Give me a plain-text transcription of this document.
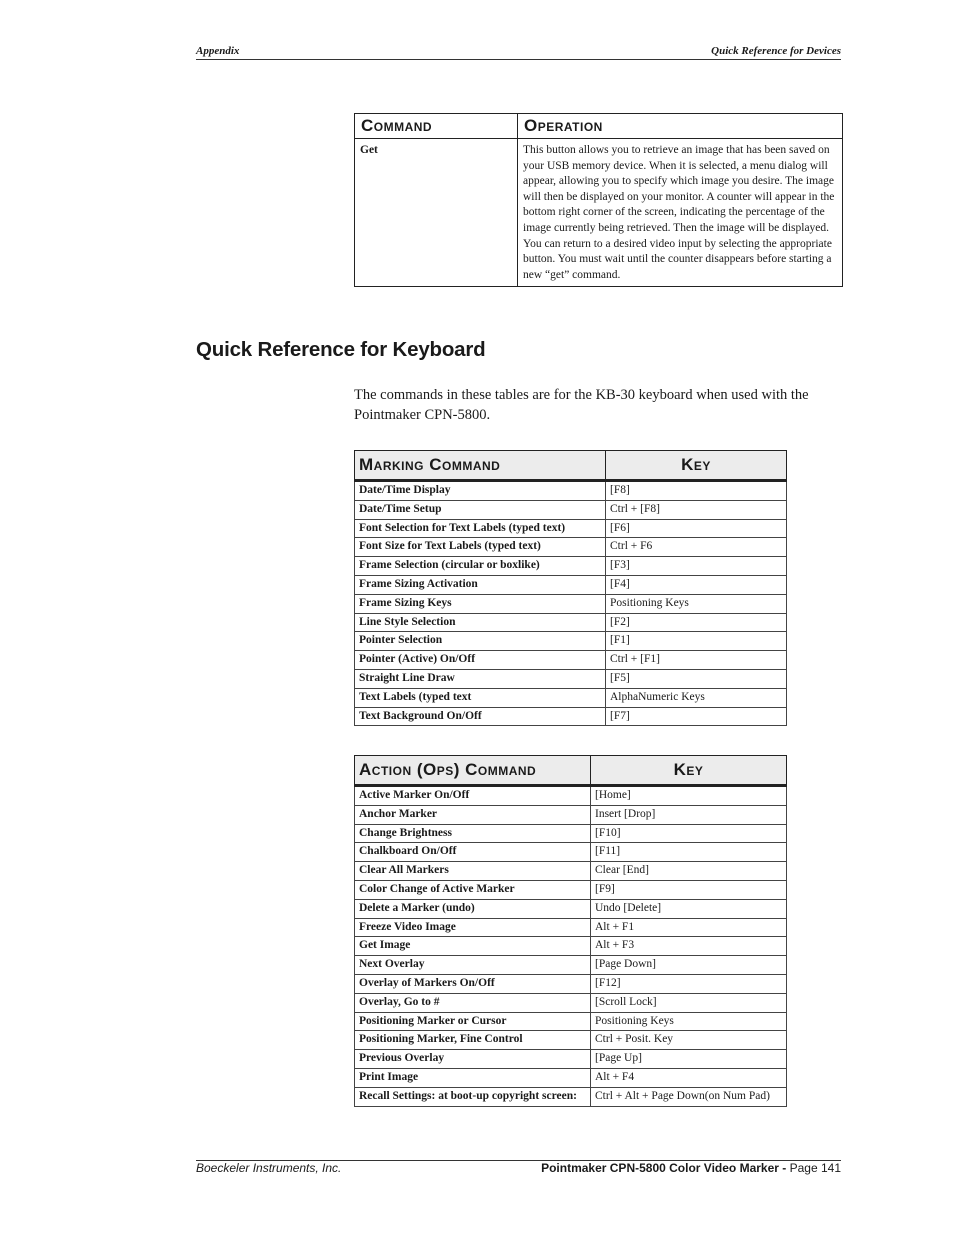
Appendix	Quick Reference for Devices
Command	Operation
Get	This button allows you to retrieve an image that has been saved on your USB memory device. When it is selected, a menu dialog will appear, allowing you to specify which image you desire. The image will then be displayed on your monitor. A counter will appear in the bottom right corner of the screen, indicating the percentage of the image currently being retrieved. Then the image will be displayed. You can return to a desired video input by selecting the appropriate button. You must wait until the counter disappears before starting a new “get” command.
Quick Reference for Keyboard
The commands in these tables are for the KB-30 keyboard when used with the Pointmaker CPN-5800.
Marking Command	Key
Date/Time Display	[F8]
Date/Time Setup	Ctrl + [F8]
Font Selection for Text Labels (typed text)	[F6]
Font Size for Text Labels (typed text)	Ctrl + F6
Frame Selection (circular or boxlike)	[F3]
Frame Sizing Activation	[F4]
Frame Sizing Keys	Positioning Keys
Line Style Selection	[F2]
Pointer Selection	[F1]
Pointer (Active) On/Off	Ctrl + [F1]
Straight Line Draw	[F5]
Text Labels (typed text	AlphaNumeric Keys
Text Background On/Off	[F7]
Action (Ops) Command	Key
Active Marker On/Off	[Home]
Anchor Marker	Insert [Drop]
Change Brightness	[F10]
Chalkboard On/Off	[F11]
Clear All Markers	Clear [End]
Color Change of Active Marker	[F9]
Delete a Marker (undo)	Undo [Delete]
Freeze Video Image	Alt + F1
Get Image	Alt + F3
Next Overlay	[Page Down]
Overlay of Markers On/Off	[F12]
Overlay, Go to #	[Scroll Lock]
Positioning Marker or Cursor	Positioning Keys
Positioning Marker, Fine Control	Ctrl + Posit. Key
Previous Overlay	[Page Up]
Print Image	Alt + F4
Recall Settings: at boot-up copyright screen:	Ctrl + Alt + Page Down(on Num Pad)
Boeckeler Instruments, Inc.	Pointmaker CPN-5800 Color Video Marker - Page 141
